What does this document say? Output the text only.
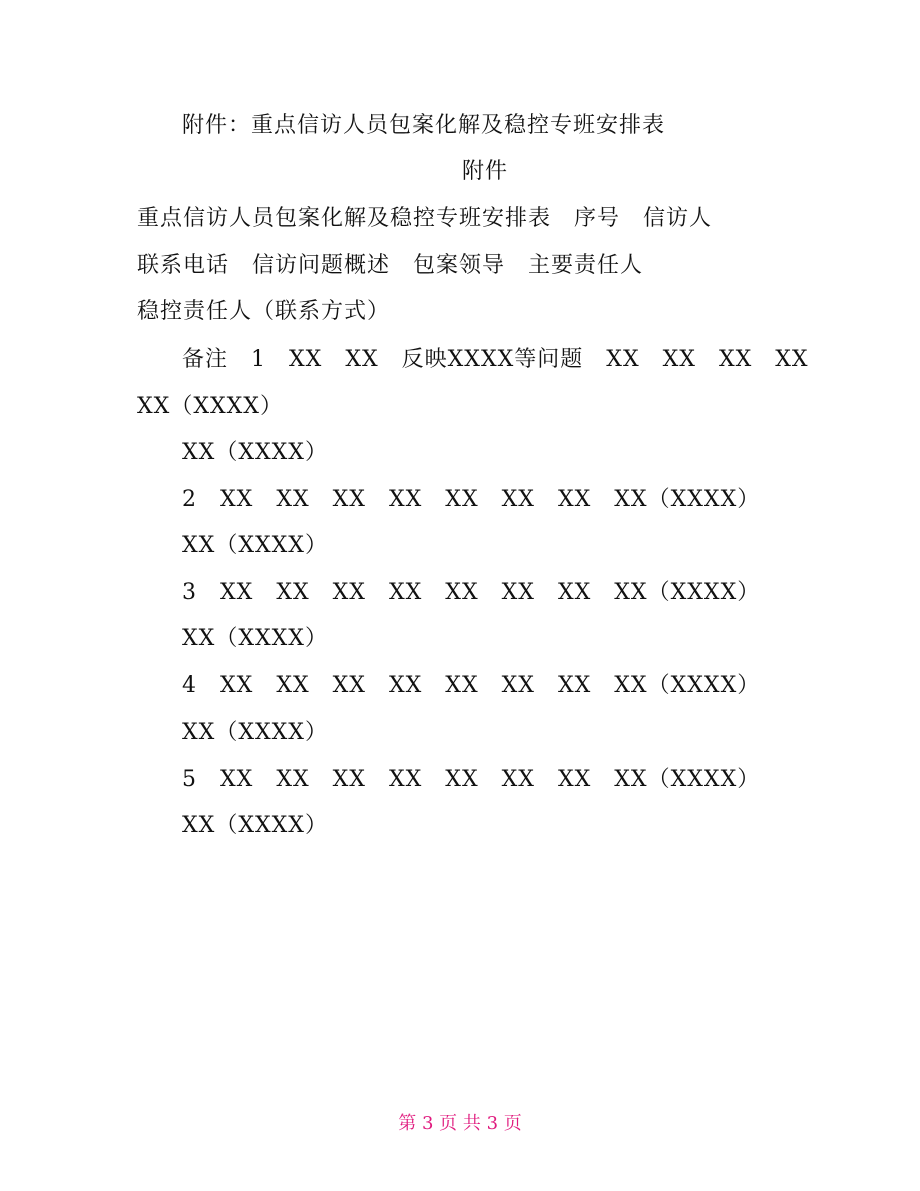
附件：重点信访人员包案化解及稳控专班安排表
附件
重点信访人员包案化解及稳控专班安排表　序号　信访人
联系电话　信访问题概述　包案领导　主要责任人
稳控责任人（联系方式）
备注　1　XX　XX　反映XXXX等问题　XX　XX　XX　XX
XX（XXXX）
XX（XXXX）
2　XX　XX　XX　XX　XX　XX　XX　XX（XXXX）
XX（XXXX）
3　XX　XX　XX　XX　XX　XX　XX　XX（XXXX）
XX（XXXX）
4　XX　XX　XX　XX　XX　XX　XX　XX（XXXX）
XX（XXXX）
5　XX　XX　XX　XX　XX　XX　XX　XX（XXXX）
XX（XXXX）
第 3 页 共 3 页
